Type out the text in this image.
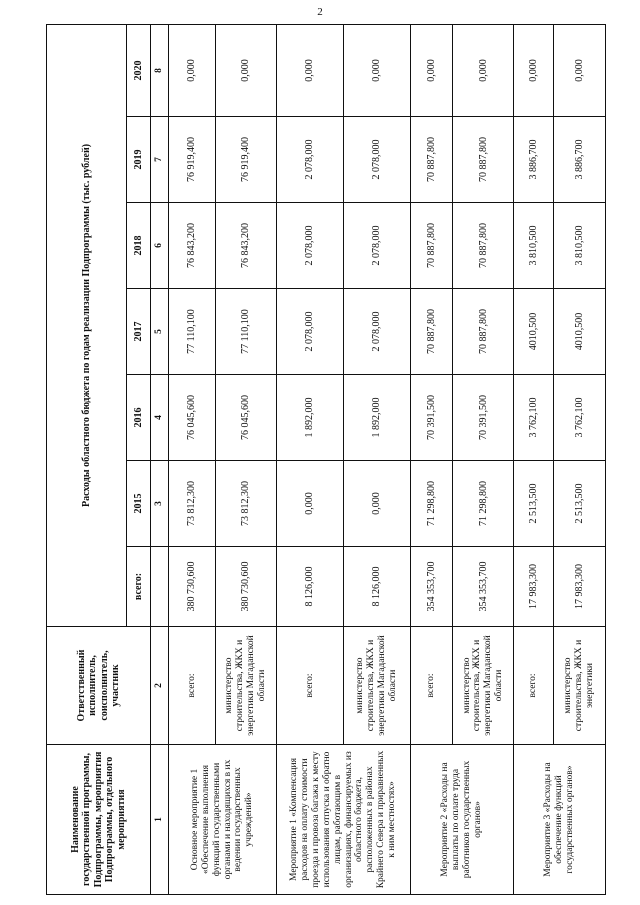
2
Наименование государственной программы, Подпрограммы, мероприятия Подпрограммы, отдельного мероприятия	Ответственный исполнитель, соисполнитель, участник	Расходы областного бюджета по годам реализации Подпрограммы (тыс. рублей)						
		всего:	2015	2016	2017	2018	2019	2020
1	2		3	4	5	6	7	8
Основное мероприятие 1 «Обеспечение выполнения функций государственными органами и находящихся в их ведении государственных учреждений»	всего:	380 730,600	73 812,300	76 045,600	77 110,100	76 843,200	76 919,400	0,000
	министерство строительства, ЖКХ и энергетики Магаданской области	380 730,600	73 812,300	76 045,600	77 110,100	76 843,200	76 919,400	0,000
Мероприятие 1 «Компенсация расходов на оплату стоимости проезда и провоза багажа к месту использования отпуска и обратно лицам, работающим в организациях, финансируемых из областного бюджета, расположенных в районах Крайнего Севера и приравненных к ним местностях»	всего:	8 126,000	0,000	1 892,000	2 078,000	2 078,000	2 078,000	0,000
	министерство строительства, ЖКХ и энергетики Магаданской области	8 126,000	0,000	1 892,000	2 078,000	2 078,000	2 078,000	0,000
Мероприятие 2 «Расходы на выплаты по оплате труда работников государственных органов»	всего:	354 353,700	71 298,800	70 391,500	70 887,800	70 887,800	70 887,800	0,000
	министерство строительства, ЖКХ и энергетики Магаданской области	354 353,700	71 298,800	70 391,500	70 887,800	70 887,800	70 887,800	0,000
Мероприятие 3 «Расходы на обеспечение функций государственных органов»	всего:	17 983,300	2 513,500	3 762,100	4010,500	3 810,500	3 886,700	0,000
	министерство строительства, ЖКХ и энергетики	17 983,300	2 513,500	3 762,100	4010,500	3 810,500	3 886,700	0,000
